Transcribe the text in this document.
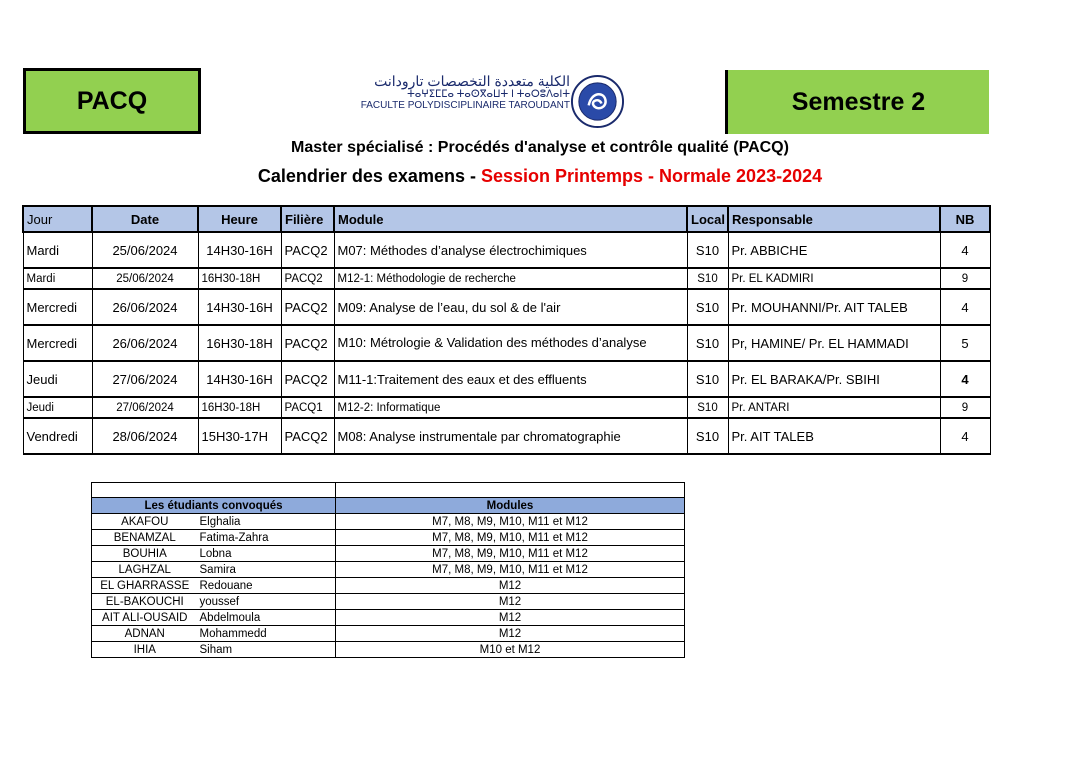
PACQ
الكلية متعددة التخصصات تارودانت
ⵜⴰⵖⵉⵎⵎⴰ ⵜⴰⵙⴳⴰⵡⵜ ⵏ ⵜⴰⵔⵓⴷⴰⵏⵜ
FACULTE POLYDISCIPLINAIRE TAROUDANT	Semestre 2
Master spécialisé : Procédés d'analyse et contrôle qualité (PACQ)
Calendrier des examens - Session Printemps - Normale 2023-2024
Jour	Date	Heure	Filière	Module	Local	Responsable	NB
Mardi	25/06/2024	14H30-16H	PACQ2	M07: Méthodes d’analyse électrochimiques	S10	Pr. ABBICHE	4
Mardi	25/06/2024	16H30-18H	PACQ2	M12-1: Méthodologie de recherche	S10	Pr. EL KADMIRI	9
Mercredi	26/06/2024	14H30-16H	PACQ2	M09: Analyse de l’eau, du sol & de l'air	S10	Pr. MOUHANNI/Pr. AIT TALEB	4
Mercredi	26/06/2024	16H30-18H	PACQ2	M10: Métrologie & Validation des méthodes d’analyse	S10	Pr, HAMINE/ Pr. EL HAMMADI	5
Jeudi	27/06/2024	14H30-16H	PACQ2	M11-1:Traitement des eaux et des effluents	S10	Pr. EL BARAKA/Pr. SBIHI	4
Jeudi	27/06/2024	16H30-18H	PACQ1	M12-2: Informatique	S10	Pr. ANTARI	9
Vendredi	28/06/2024	15H30-17H	PACQ2	M08: Analyse instrumentale par chromatographie	S10	Pr. AIT TALEB	4

Les étudiants convoqués		Modules
AKAFOU	Elghalia	M7, M8, M9, M10, M11 et M12
BENAMZAL	Fatima-Zahra	M7, M8, M9, M10, M11 et M12
BOUHIA	Lobna	M7, M8, M9, M10, M11 et M12
LAGHZAL	Samira	M7, M8, M9, M10, M11 et M12
EL GHARRASSE	Redouane	M12
EL-BAKOUCHI	youssef	M12
AIT ALI-OUSAID	Abdelmoula	M12
ADNAN	Mohammedd	M12
IHIA	Siham	M10 et M12
